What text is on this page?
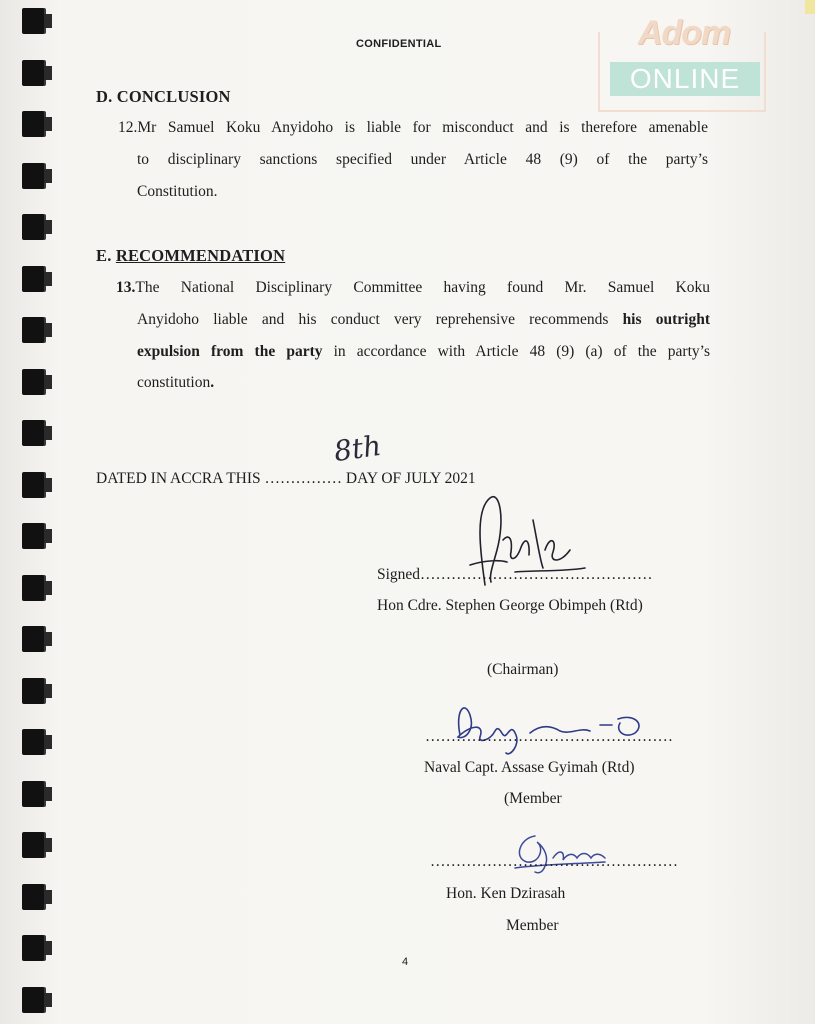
CONFIDENTIAL	Adom
ONLINE
D. CONCLUSION
12.Mr Samuel Koku Anyidoho is liable for misconduct and is therefore amenable
to disciplinary sanctions specified under Article 48 (9) of the party’s
Constitution.
E. RECOMMENDATION
13.The National Disciplinary Committee having found Mr. Samuel Koku
Anyidoho liable and his conduct very reprehensive recommends his outright
expulsion from the party in accordance with Article 48 (9) (a) of the party’s
constitution.
DATED IN ACCRA THIS …………… DAY OF JULY 2021
8th
Signed………………………………………
Hon Cdre. Stephen George Obimpeh (Rtd)
(Chairman)
…………………………………………
Naval Capt. Assase Gyimah (Rtd)
(Member
…………………………………………
Hon. Ken Dzirasah
Member
4
